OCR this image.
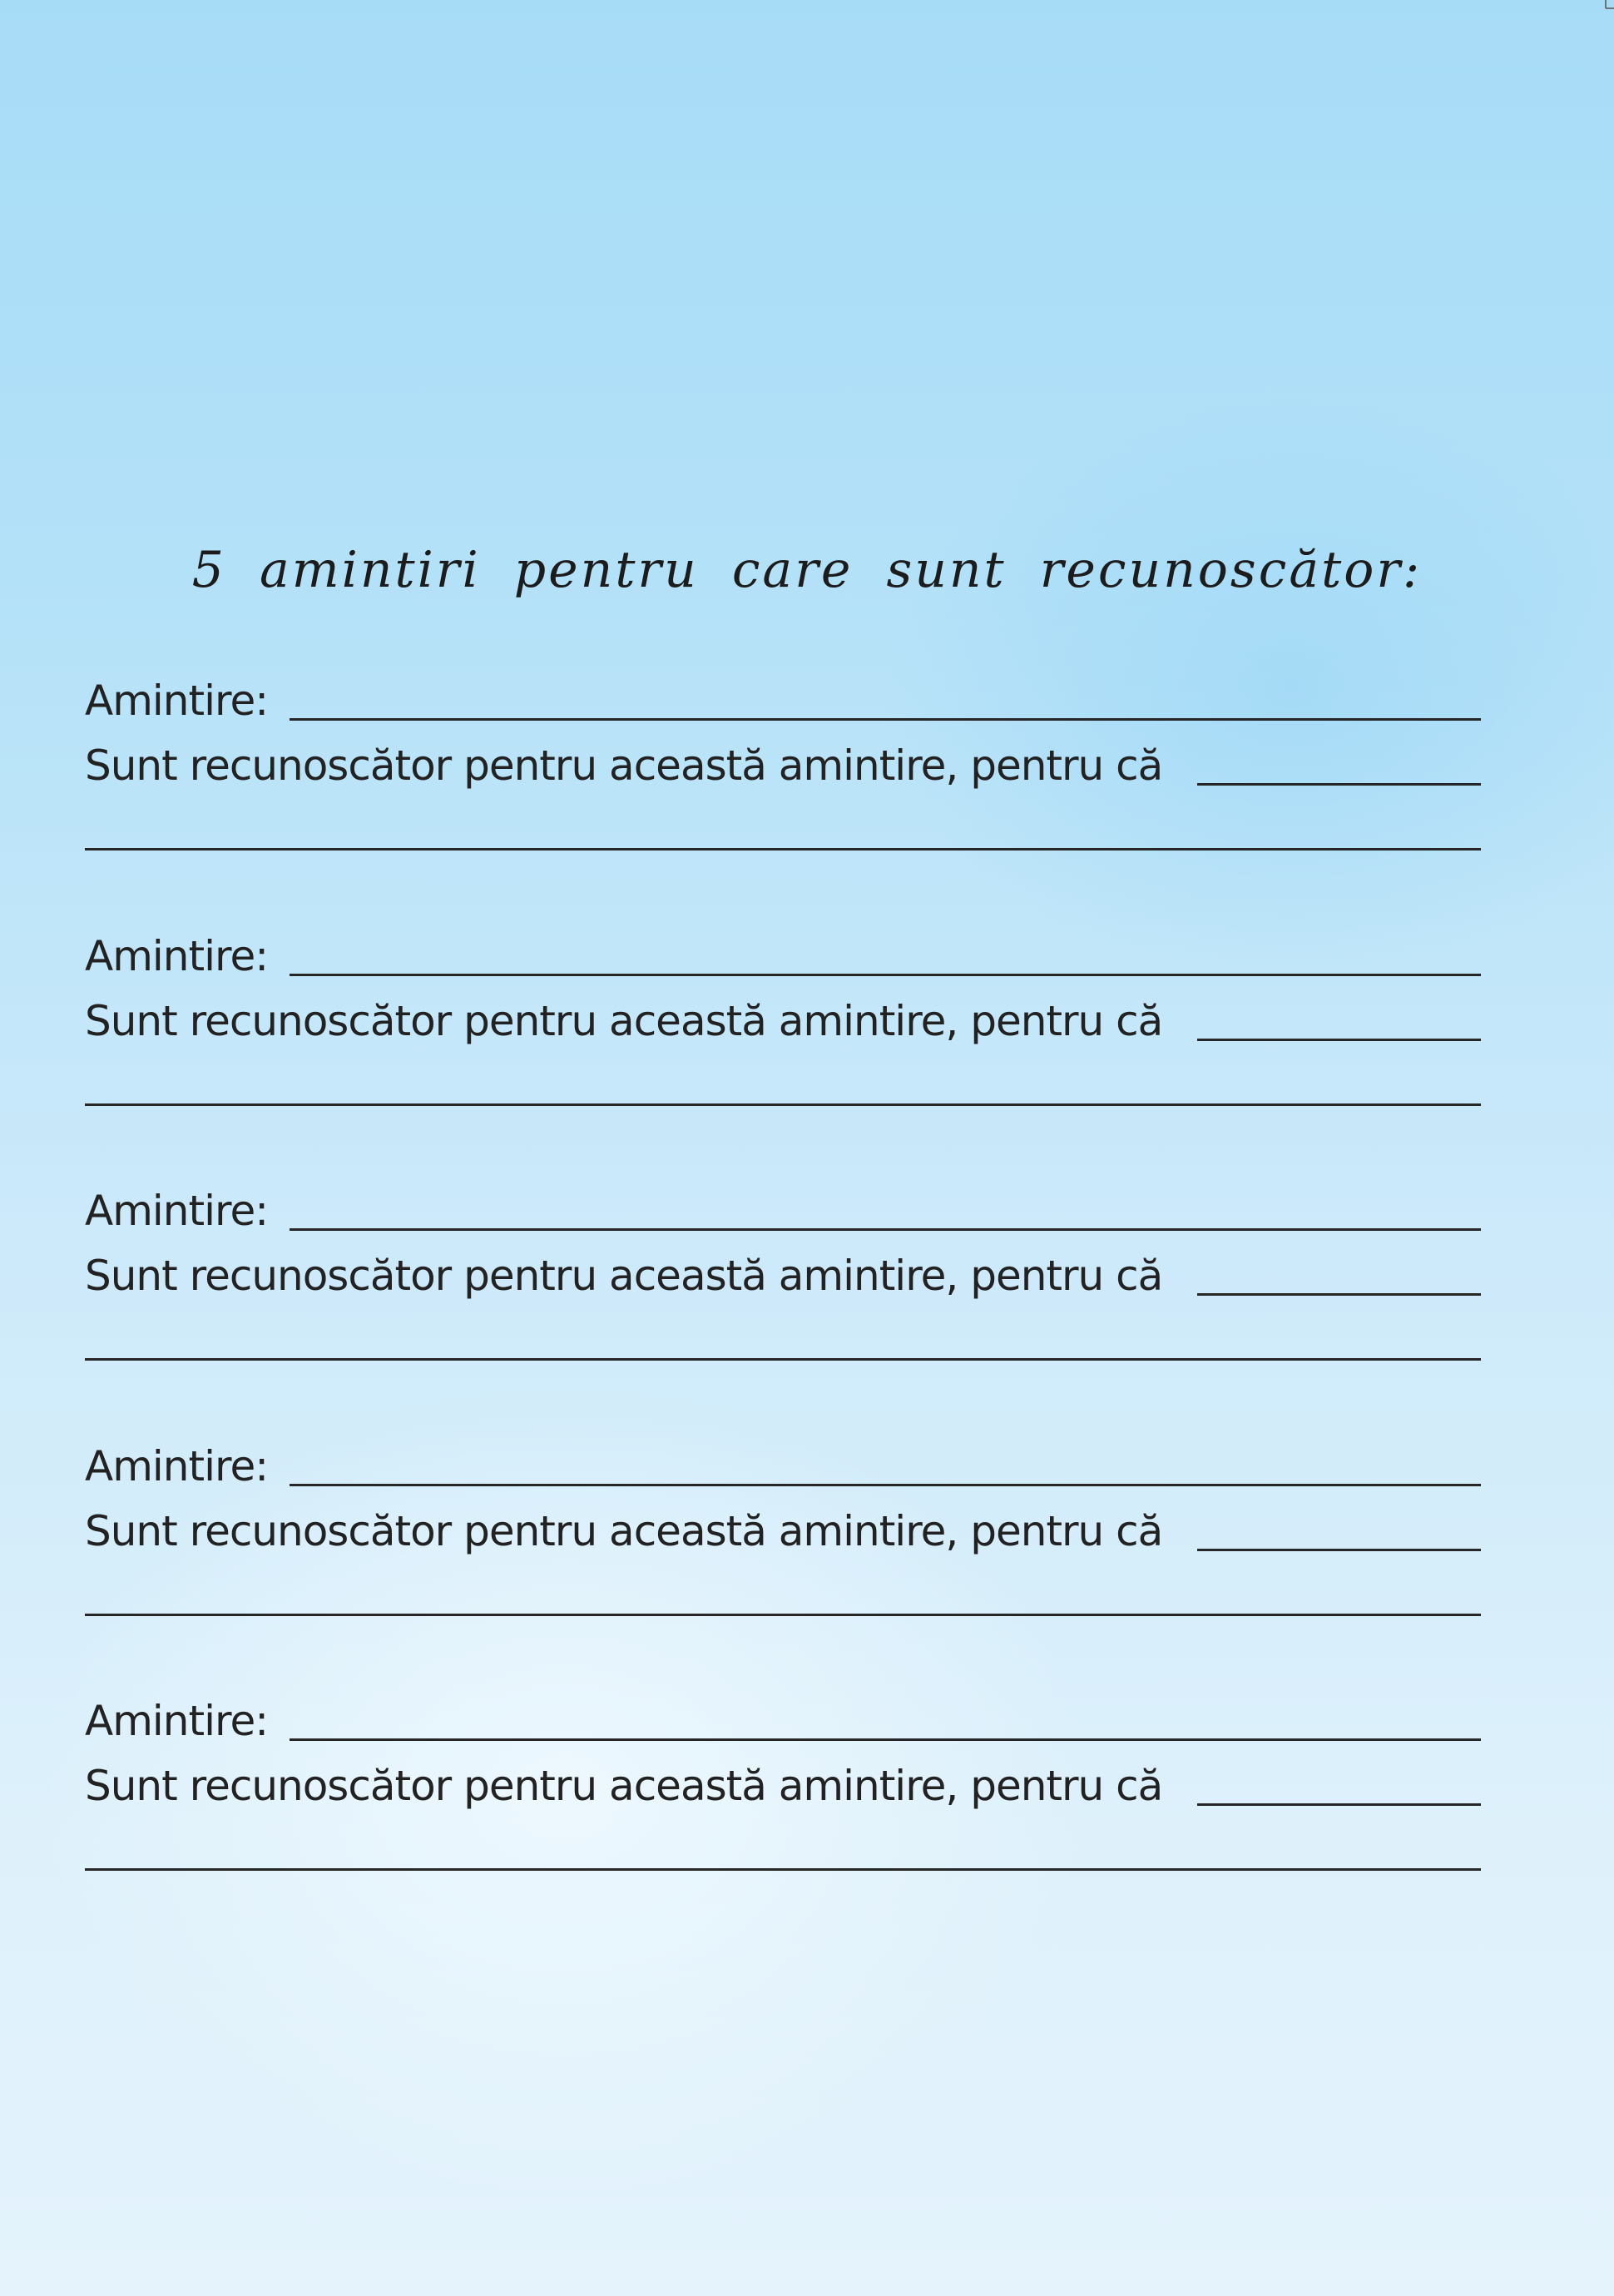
5 amintiri pentru care sunt recunoscător:
Amintire:
Sunt recunoscător pentru această amintire, pentru că
Amintire:
Sunt recunoscător pentru această amintire, pentru că
Amintire:
Sunt recunoscător pentru această amintire, pentru că
Amintire:
Sunt recunoscător pentru această amintire, pentru că
Amintire:
Sunt recunoscător pentru această amintire, pentru că
